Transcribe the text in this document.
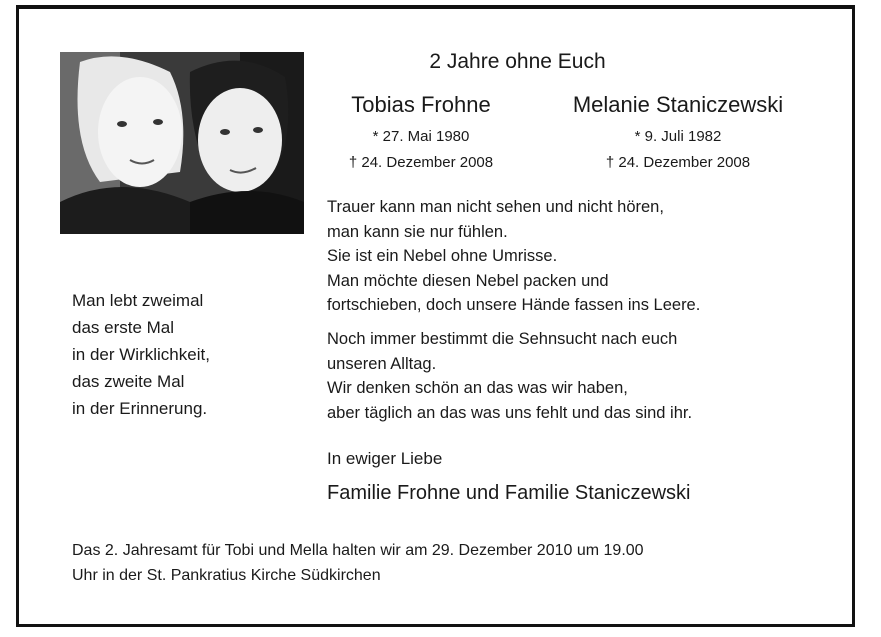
2 Jahre ohne Euch
Tobias Frohne
* 27. Mai 1980
† 24. Dezember 2008
Melanie Staniczewski
* 9. Juli 1982
† 24. Dezember 2008

Trauer kann man nicht sehen und nicht hören,

man kann sie nur fühlen.

Sie ist ein Nebel ohne Umrisse.

Man möchte diesen Nebel packen und

fortschieben, doch unsere Hände fassen ins Leere.

Noch immer bestimmt die Sehnsucht nach euch

unseren Alltag.

Wir denken schön an das was wir haben,

aber täglich an das was uns fehlt und das sind ihr.

In ewiger Liebe
Familie Frohne und Familie Staniczewski

Man lebt zweimal

das erste Mal

in der Wirklichkeit,

das zweite Mal

in der Erinnerung.

Das 2. Jahresamt für Tobi und Mella halten wir am 29. Dezember 2010 um 19.00
Uhr in der St. Pankratius Kirche Südkirchen
